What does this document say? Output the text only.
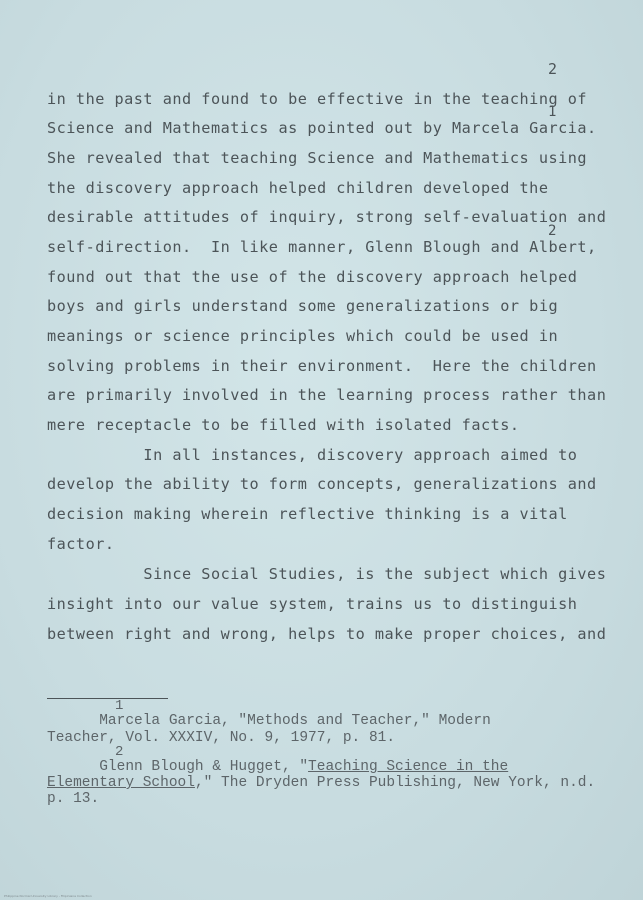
2
in the past and found to be effective in the teaching of
1
Science and Mathematics as pointed out by Marcela Garcia.
She revealed that teaching Science and Mathematics using
the discovery approach helped children developed the
desirable attitudes of inquiry, strong self-evaluation and
2
self-direction.  In like manner, Glenn Blough and Albert,
found out that the use of the discovery approach helped
boys and girls understand some generalizations or big
meanings or science principles which could be used in
solving problems in their environment.  Here the children
are primarily involved in the learning process rather than
mere receptacle to be filled with isolated facts.
In all instances, discovery approach aimed to
develop the ability to form concepts, generalizations and
decision making wherein reflective thinking is a vital
factor.
Since Social Studies, is the subject which gives
insight into our value system, trains us to distinguish
between right and wrong, helps to make proper choices, and
1
Marcela Garcia, "Methods and Teacher," Modern
Teacher, Vol. XXXIV, No. 9, 1977, p. 81.
2
Glenn Blough & Hugget, "Teaching Science in the
Elementary School," The Dryden Press Publishing, New York, n.d.
p. 13.
Philippine Normal University Library - Filipiniana Collection
